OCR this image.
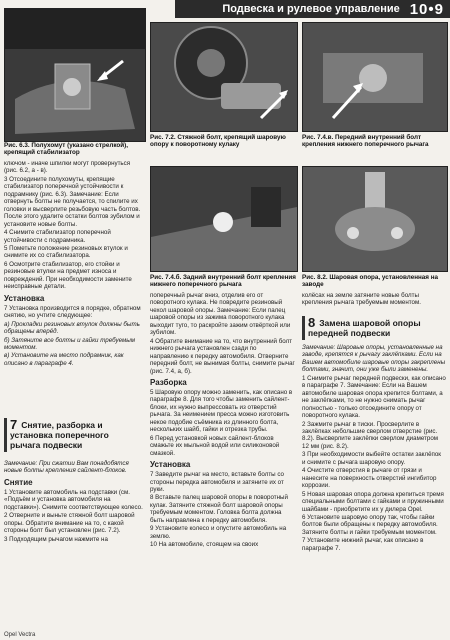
Подвеска и рулевое управление 10•9
Рис. 6.3. Полухомут (указано стрелкой), крепящий стабилизатор
Рис. 7.2. Стяжной болт, крепящий шаровую опору к поворотному кулаку
Рис. 7.4.в. Передний внутренний болт крепления нижнего поперечного рычага
Рис. 7.4.б. Задний внутренний болт крепления нижнего поперечного рычага
Рис. 8.2. Шаровая опора, установленная на заводе

ключом - иначе шпилки могут провернуться (рис. 6.2, а - в).

3 Отсоедините полухомуты, крепящие стабилизатор поперечной устойчивости к подрамнику (рис. 6.3). Замечание: Если отвернуть болты не получается, то спилите их головки и высверлите резьбовую часть болтов. После этого удалите остатки болтов зубилом и установите новые болты.

4 Снимите стабилизатор поперечной устойчивости с подрамника.

5 Пометьте положение резиновых втулок и снимите их со стабилизатора.

6 Осмотрите стабилизатор, его стойки и резиновые втулки на предмет износа и повреждений. При необходимости замените неисправные детали.

Установка

7 Установка производится в порядке, обратном снятию, но учтите следующее:

а) Прокладки резиновых втулок должны быть обращены вперёд.

б) Затяните все болты и гайки требуемым моментом.

в) Установите на место подрамник, как описано в параграфе 4.

7 Снятие, разборка и установка поперечного рычага подвески

Замечание: При сжатии Вам понадобятся новые болты крепления сайлент-блоков.

Снятие

1 Установите автомобиль на подставки (см. «Подъём и установка автомобиля на подставки»). Снимите соответствующее колесо.

2 Отверните и выньте стяжной болт шаровой опоры. Обратите внимание на то, с какой стороны болт был установлен (рис. 7.2).

3 Подходящим рычагом нажмите на

поперечный рычаг вниз, отделив его от поворотного кулака. Не повредите резиновый чехол шаровой опоры. Замечание: Если палец шаровой опоры из зажима поворотного кулака выходит туго, то раскройте зажим отвёрткой или зубилом.

4 Обратите внимание на то, что внутренний болт нижнего рычага установлен сзади по направлению к передку автомобиля. Отверните передний болт, не вынимая болты, снимите рычаг (рис. 7.4, а, б).

Разборка

5 Шаровую опору можно заменить, как описано в параграфе 8. Для того чтобы заменить сайлент-блоки, их нужно выпрессовать из отверстий рычага. За неимением пресса можно изготовить некое подобие съёмника из длинного болта, нескольких шайб, гайки и отрезка трубы.

6 Перед установкой новых сайлент-блоков смажьте их мыльной водой или силиконовой смазкой.

Установка

7 Заведите рычаг на место, вставьте болты со стороны передка автомобиля и затяните их от руки.

8 Вставьте палец шаровой опоры в поворотный кулак. Затяните стяжной болт шаровой опоры требуемым моментом. Головка болта должна быть направлена к передку автомобиля.

9 Установите колесо и опустите автомобиль на землю.

10 На автомобиле, стоящем на своих

колёсах на земле затяните новые болты крепления рычага требуемым моментом.

8 Замена шаровой опоры передней подвески

Замечание: Шаровые опоры, установленные на заводе, крепятся к рычагу заклёпками. Если на Вашем автомобиле шаровые опоры закреплены болтами, значит, они уже были заменены.

1 Снимите рычаг передней подвески, как описано в параграфе 7. Замечание: Если на Вашем автомобиле шаровая опора крепится болтами, а не заклёпками, то не нужно снимать рычаг полностью - только отсоедините опору от поворотного кулака.

2 Зажмите рычаг в тиски. Просверлите в заклёпках небольшие сверлом отверстие (рис. 8.2). Высверлите заклёпки сверлом диаметром 12 мм (рис. 8.2).

3 При необходимости выбейте остатки заклёпок и снимите с рычага шаровую опору.

4 Очистите отверстия в рычаге от грязи и нанесите на поверхность отверстий ингибитор коррозии.

5 Новая шаровая опора должна крепиться тремя специальными болтами с гайками и пружинными шайбами - приобретите их у дилера Opel.

6 Установите шаровую опору так, чтобы гайки болтов были обращены к передку автомобиля. Затяните болты и гайки требуемым моментом.

7 Установите нижний рычаг, как описано в параграфе 7.

Opel Vectra
